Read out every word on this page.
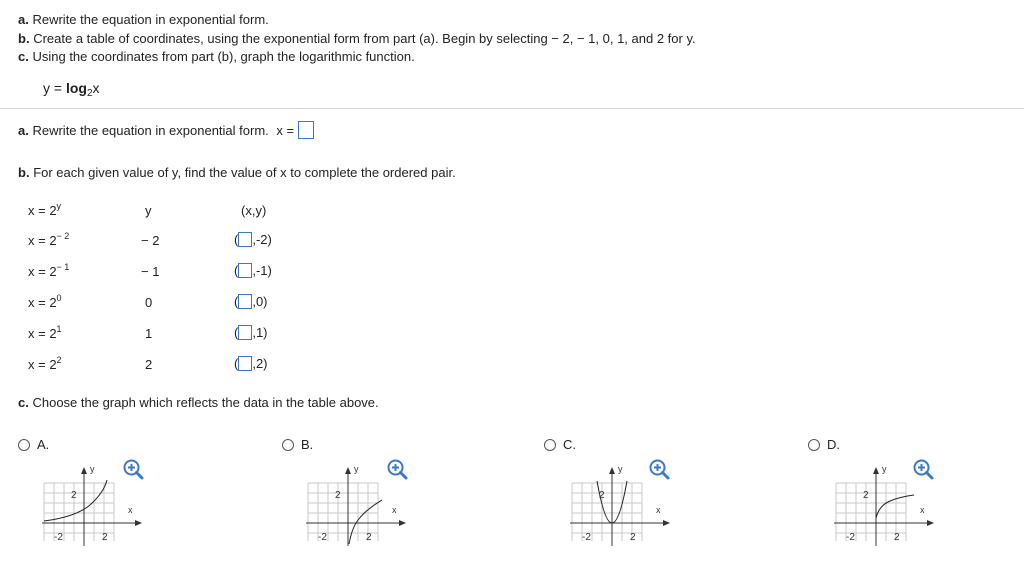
a. Rewrite the equation in exponential form.
b. Create a table of coordinates, using the exponential form from part (a). Begin by selecting − 2, − 1, 0, 1, and 2 for y.
c. Using the coordinates from part (b), graph the logarithmic function.
$y = \log_2x$
a. Rewrite the equation in exponential form. x =
b. For each given value of y, find the value of x to complete the ordered pair.
$x = 2^y$	y	(x,y)
$x = 2^{- 2}$	− 2	( ,-2)
$x = 2^{- 1}$	− 1	( ,-1)
$x = 2^0$	0	( ,0)
$x = 2^1$	1	( ,1)
$x = 2^2$	2	( ,2)
c. Choose the graph which reflects the data in the table above.
A.	B.	C.	D.
2
-2	2
x
y
2
-2	2
x
y
2
-2	2
x
y
2
-2	2
x
y
